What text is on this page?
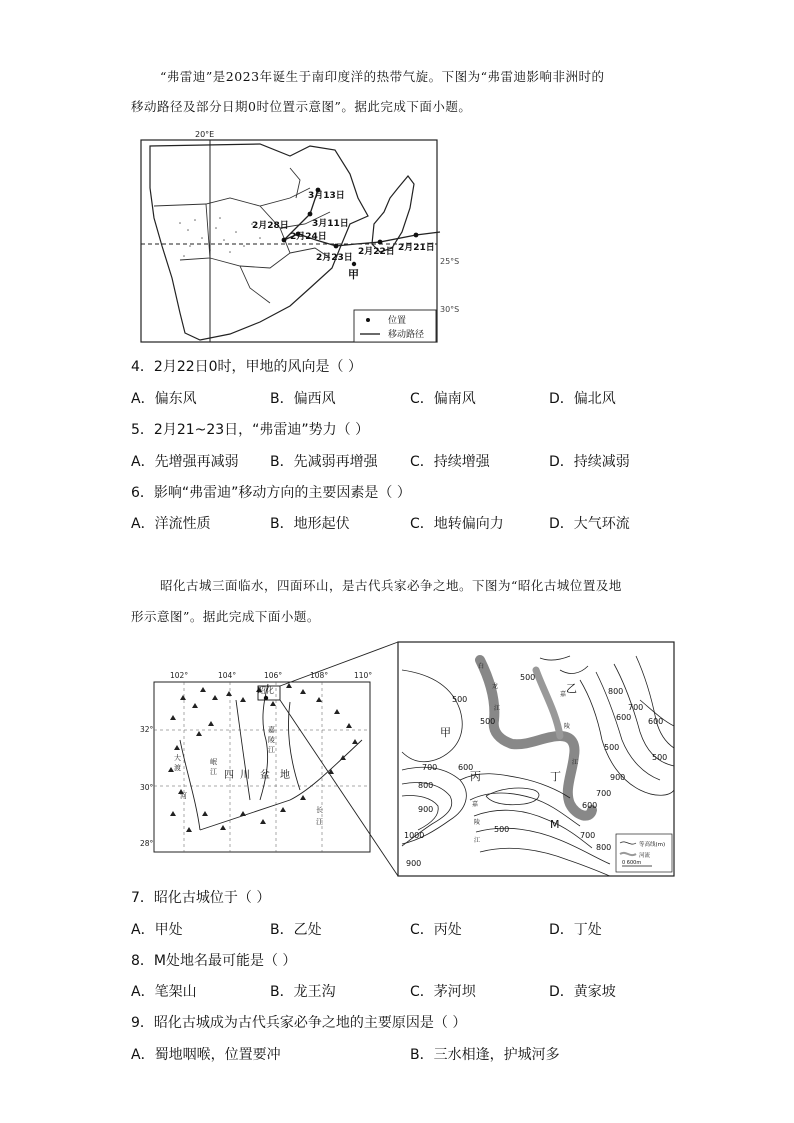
“弗雷迪”是2023年诞生于南印度洋的热带气旋。下图为“弗雷迪影响非洲时的
移动路径及部分日期0时位置示意图”。据此完成下面小题。
20°E
25°S
30°S
3月13日
3月11日
2月28日
2月24日
2月23日
2月22日 2月21日
甲
位置
移动路径
4．2月22日0时，甲地的风向是（ ）
A．偏东风	B．偏西风	C．偏南风	D．偏北风
5．2月21~23日，“弗雷迪”势力（ ）
A．先增强再减弱 B．先减弱再增强 C．持续增强	D．持续减弱
6．影响“弗雷迪”移动方向的主要因素是（ ）
A．洋流性质	B．地形起伏	C．地转偏向力	D．大气环流
昭化古城三面临水，四面环山，是古代兵家必争之地。下图为“昭化古城位置及地
形示意图”。据此完成下面小题。
102°	104°	106°	108°	110°
32°
30°
28°
昭化
四 川 盆 地
嘉
陵
江
长
江
大
渡
河
岷
江
500
500
500
600
700
800
900
1000
900
800
700
600
500
500
600
700
800
900
700
600
500
甲
乙
丙	丁
M
白
龙
江
嘉
陵
江
嘉
陵
江
等高线(m)
河流
0 600m
7．昭化古城位于（ ）
A．甲处	B．乙处	C．丙处	D．丁处
8．M处地名最可能是（ ）
A．笔架山	B．龙王沟	C．茅河坝	D．黄家坡
9．昭化古城成为古代兵家必争之地的主要原因是（ ）
A．蜀地咽喉，位置要冲	B．三水相逢，护城河多
